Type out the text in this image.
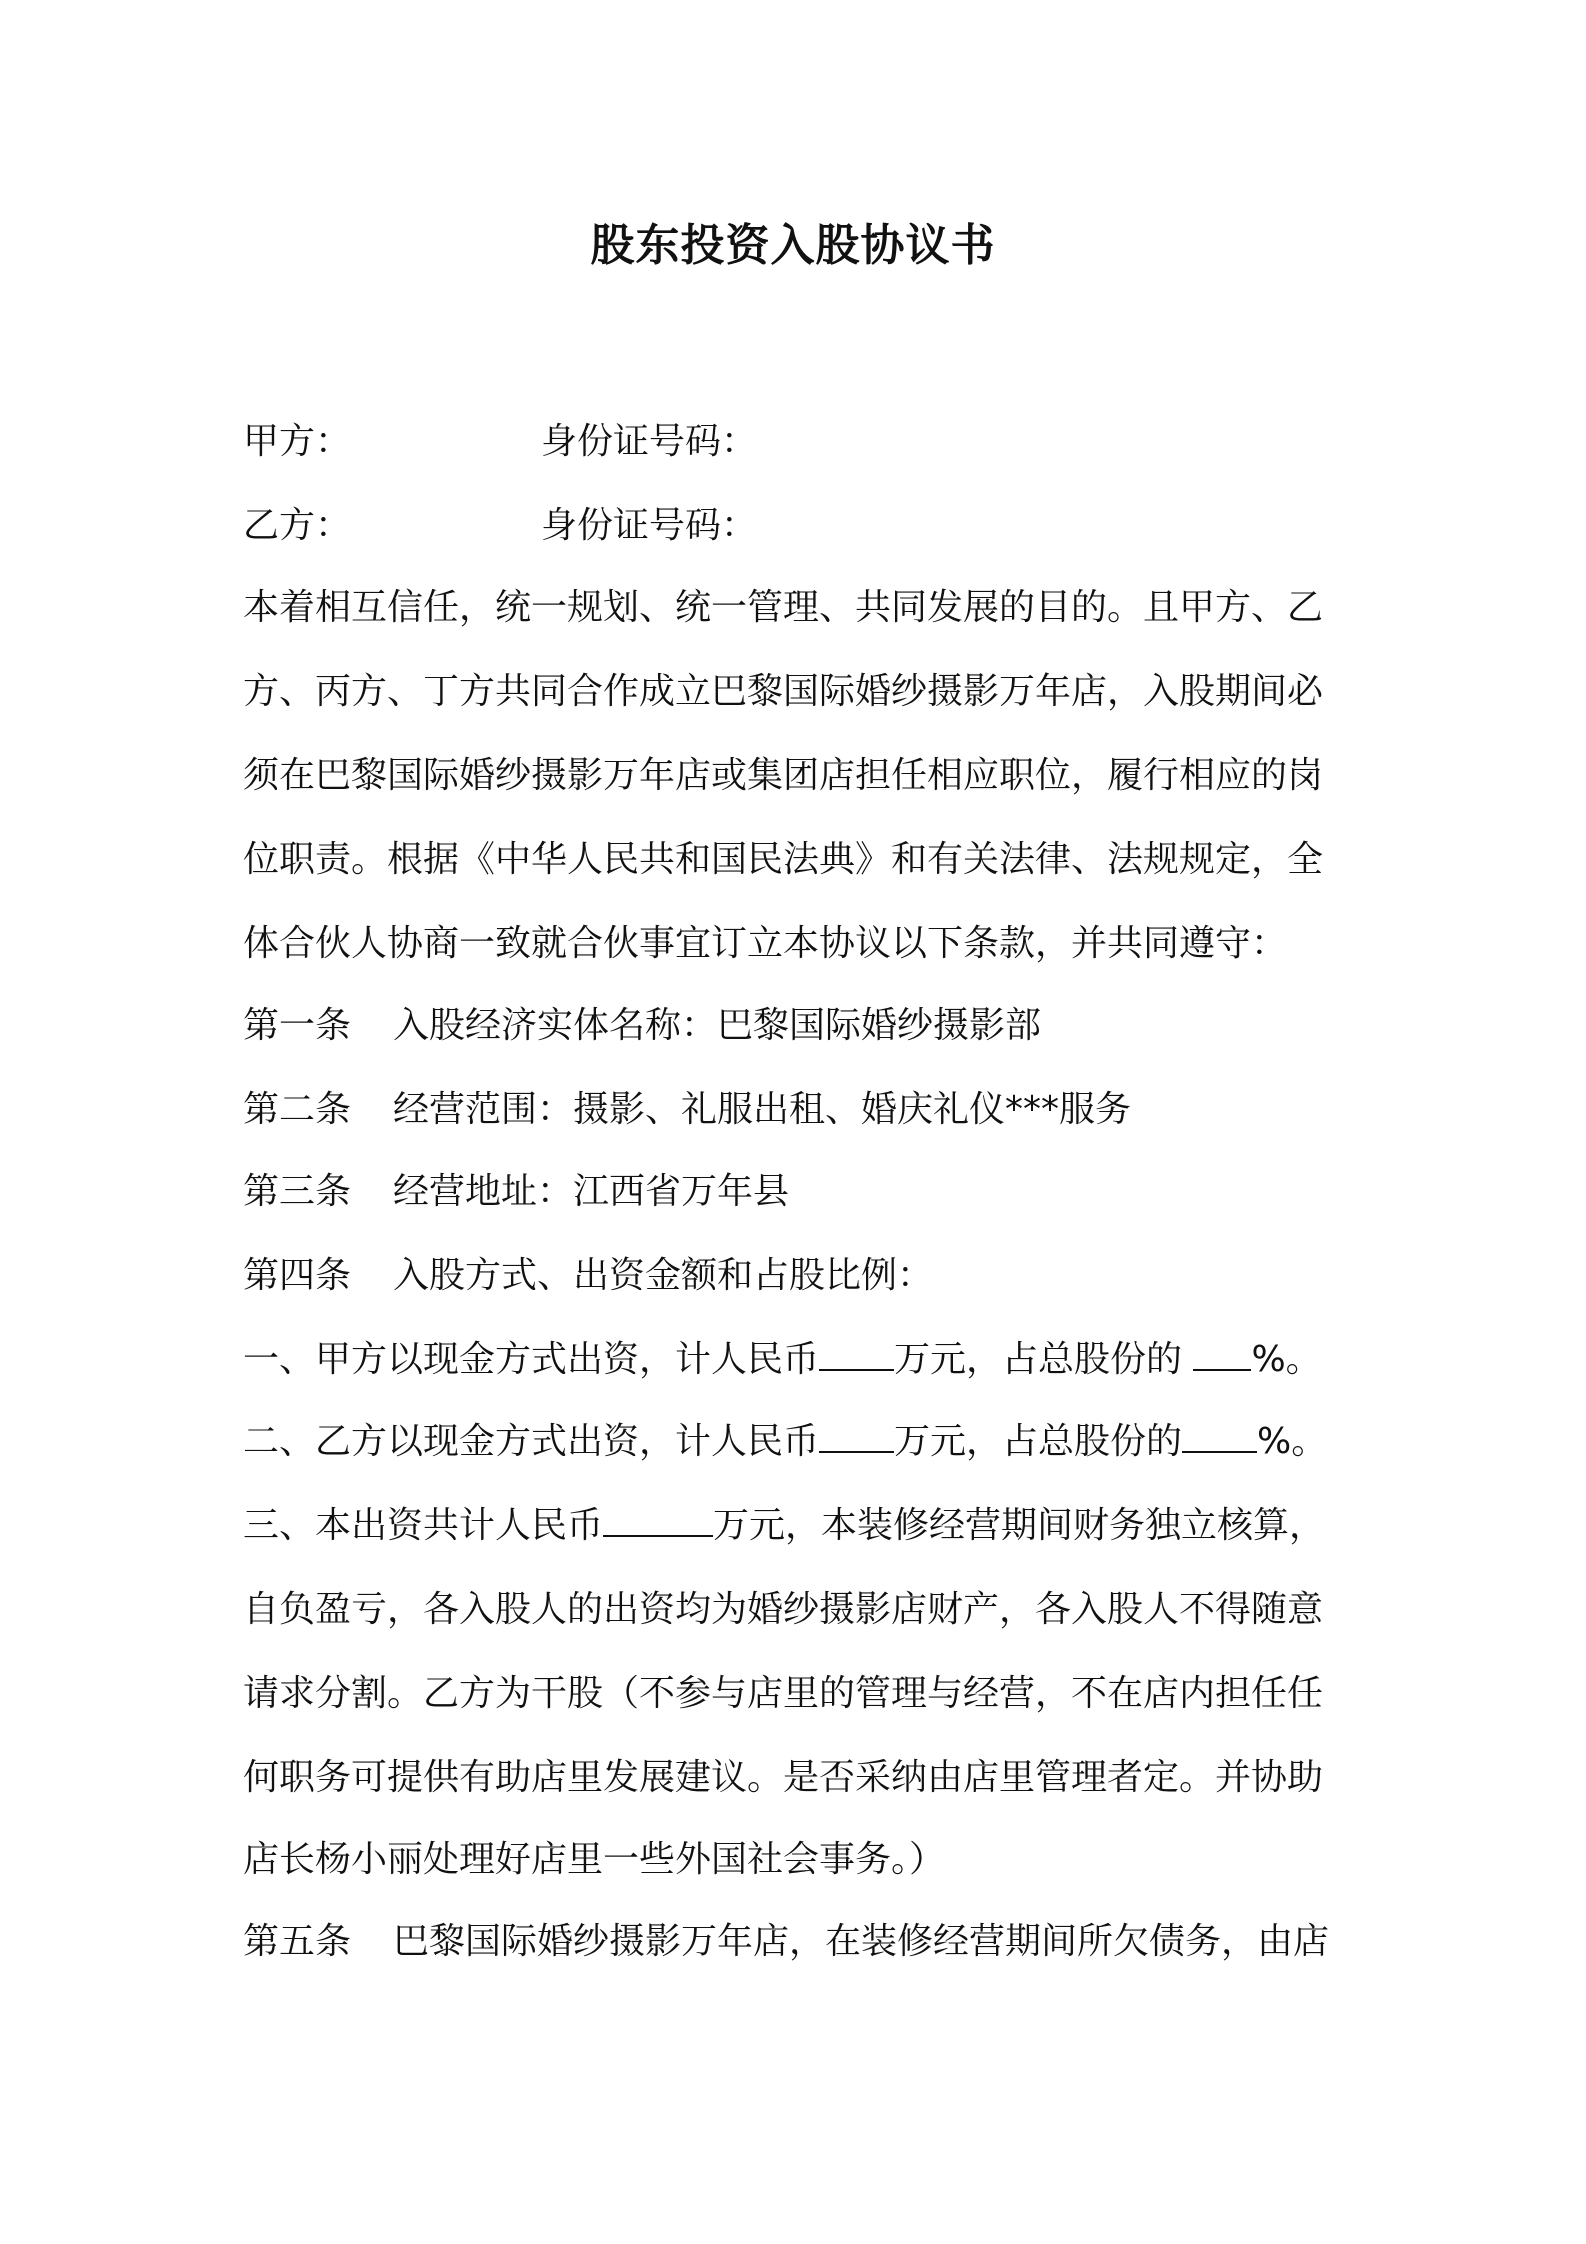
股东投资入股协议书
甲方：	身份证号码：
乙方：	身份证号码：
本着相互信任，统一规划、统一管理、共同发展的目的。且甲方、乙
方、丙方、丁方共同合作成立巴黎国际婚纱摄影万年店，入股期间必
须在巴黎国际婚纱摄影万年店或集团店担任相应职位，履行相应的岗
位职责。根据《中华人民共和国民法典》和有关法律、法规规定，全
体合伙人协商一致就合伙事宜订立本协议以下条款，并共同遵守：
第一条 入股经济实体名称：巴黎国际婚纱摄影部
第二条 经营范围：摄影、礼服出租、婚庆礼仪***服务
第三条 经营地址：江西省万年县
第四条 入股方式、出资金额和占股比例：
一、甲方以现金方式出资，计人民币 万元，占总股份的 %。
二、乙方以现金方式出资，计人民币 万元，占总股份的 %。
三、本出资共计人民币	万元，本装修经营期间财务独立核算，
自负盈亏，各入股人的出资均为婚纱摄影店财产，各入股人不得随意
请求分割。乙方为干股（不参与店里的管理与经营，不在店内担任任
何职务可提供有助店里发展建议。是否采纳由店里管理者定。并协助
店长杨小丽处理好店里一些外国社会事务。）
第五条 巴黎国际婚纱摄影万年店，在装修经营期间所欠债务，由店
